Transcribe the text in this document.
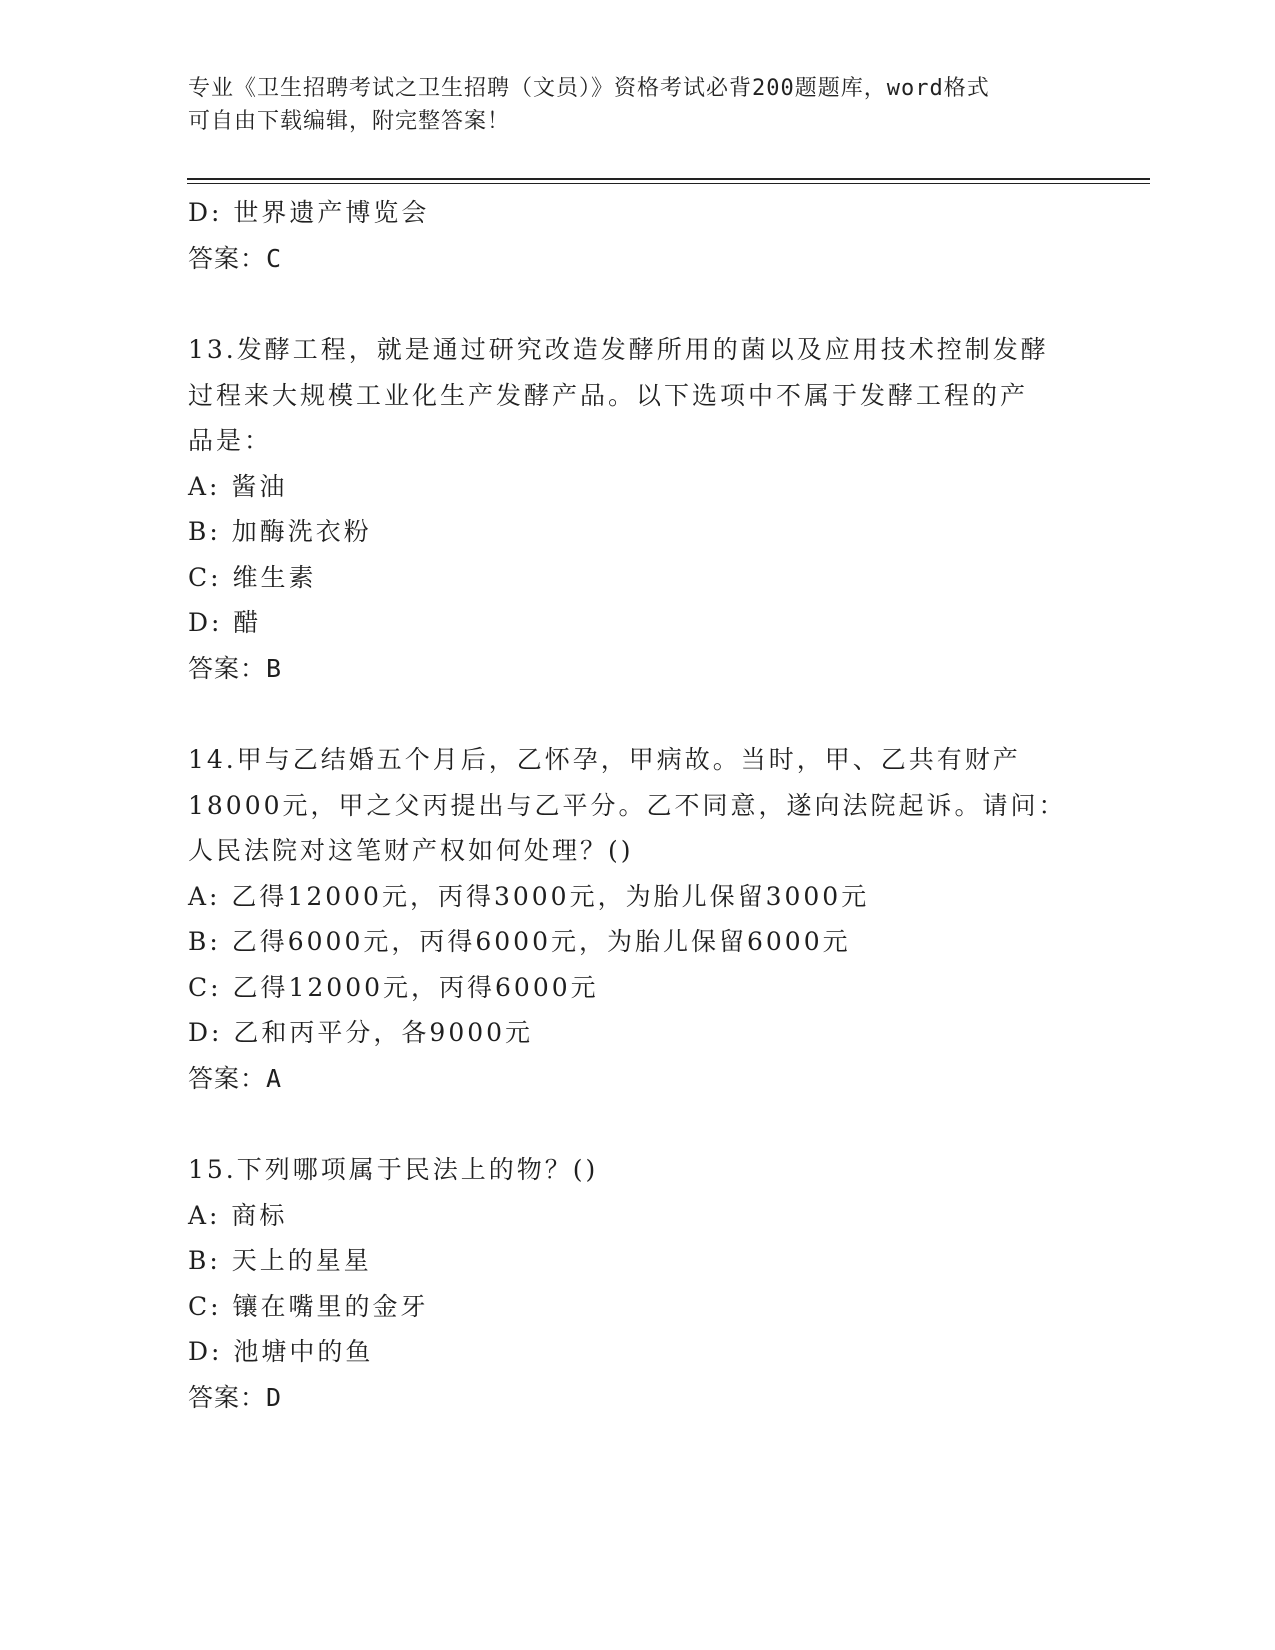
专业《卫生招聘考试之卫生招聘（文员）》资格考试必背200题题库，word格式
可自由下载编辑，附完整答案！
D: 世界遗产博览会
答案：C
13.发酵工程，就是通过研究改造发酵所用的菌以及应用技术控制发酵
过程来大规模工业化生产发酵产品。以下选项中不属于发酵工程的产
品是：
A: 酱油
B: 加酶洗衣粉
C: 维生素
D: 醋
答案：B
14.甲与乙结婚五个月后，乙怀孕，甲病故。当时，甲、乙共有财产
18000元，甲之父丙提出与乙平分。乙不同意，遂向法院起诉。请问：
人民法院对这笔财产权如何处理？()
A: 乙得12000元，丙得3000元，为胎儿保留3000元
B: 乙得6000元，丙得6000元，为胎儿保留6000元
C: 乙得12000元，丙得6000元
D: 乙和丙平分，各9000元
答案：A
15.下列哪项属于民法上的物？()
A: 商标
B: 天上的星星
C: 镶在嘴里的金牙
D: 池塘中的鱼
答案：D
